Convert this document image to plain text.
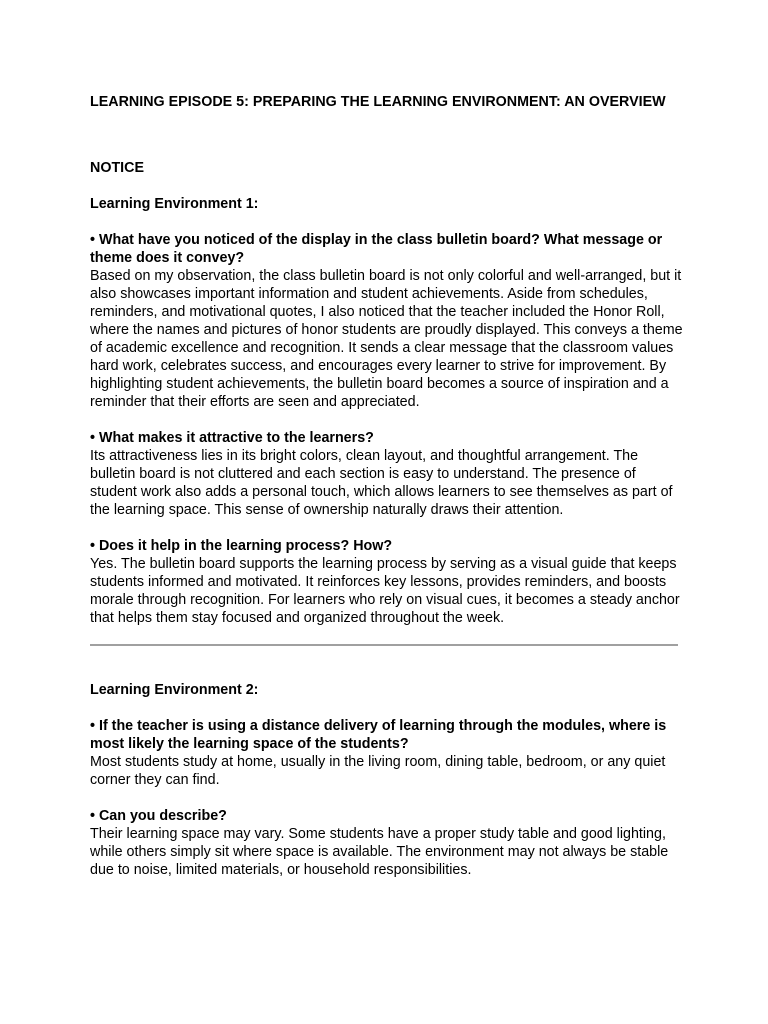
LEARNING EPISODE 5: PREPARING THE LEARNING ENVIRONMENT: AN OVERVIEW

NOTICE

Learning Environment 1:

• What have you noticed of the display in the class bulletin board? What message or theme does it convey?

Based on my observation, the class bulletin board is not only colorful and well-arranged, but it also showcases important information and student achievements. Aside from schedules, reminders, and motivational quotes, I also noticed that the teacher included the Honor Roll, where the names and pictures of honor students are proudly displayed. This conveys a theme of academic excellence and recognition. It sends a clear message that the classroom values hard work, celebrates success, and encourages every learner to strive for improvement. By highlighting student achievements, the bulletin board becomes a source of inspiration and a reminder that their efforts are seen and appreciated.

• What makes it attractive to the learners?

Its attractiveness lies in its bright colors, clean layout, and thoughtful arrangement. The bulletin board is not cluttered and each section is easy to understand. The presence of student work also adds a personal touch, which allows learners to see themselves as part of the learning space. This sense of ownership naturally draws their attention.

• Does it help in the learning process? How?

Yes. The bulletin board supports the learning process by serving as a visual guide that keeps students informed and motivated. It reinforces key lessons, provides reminders, and boosts morale through recognition. For learners who rely on visual cues, it becomes a steady anchor that helps them stay focused and organized throughout the week.

Learning Environment 2:

• If the teacher is using a distance delivery of learning through the modules, where is most likely the learning space of the students?

Most students study at home, usually in the living room, dining table, bedroom, or any quiet corner they can find.

• Can you describe?

Their learning space may vary. Some students have a proper study table and good lighting, while others simply sit where space is available. The environment may not always be stable due to noise, limited materials, or household responsibilities.
